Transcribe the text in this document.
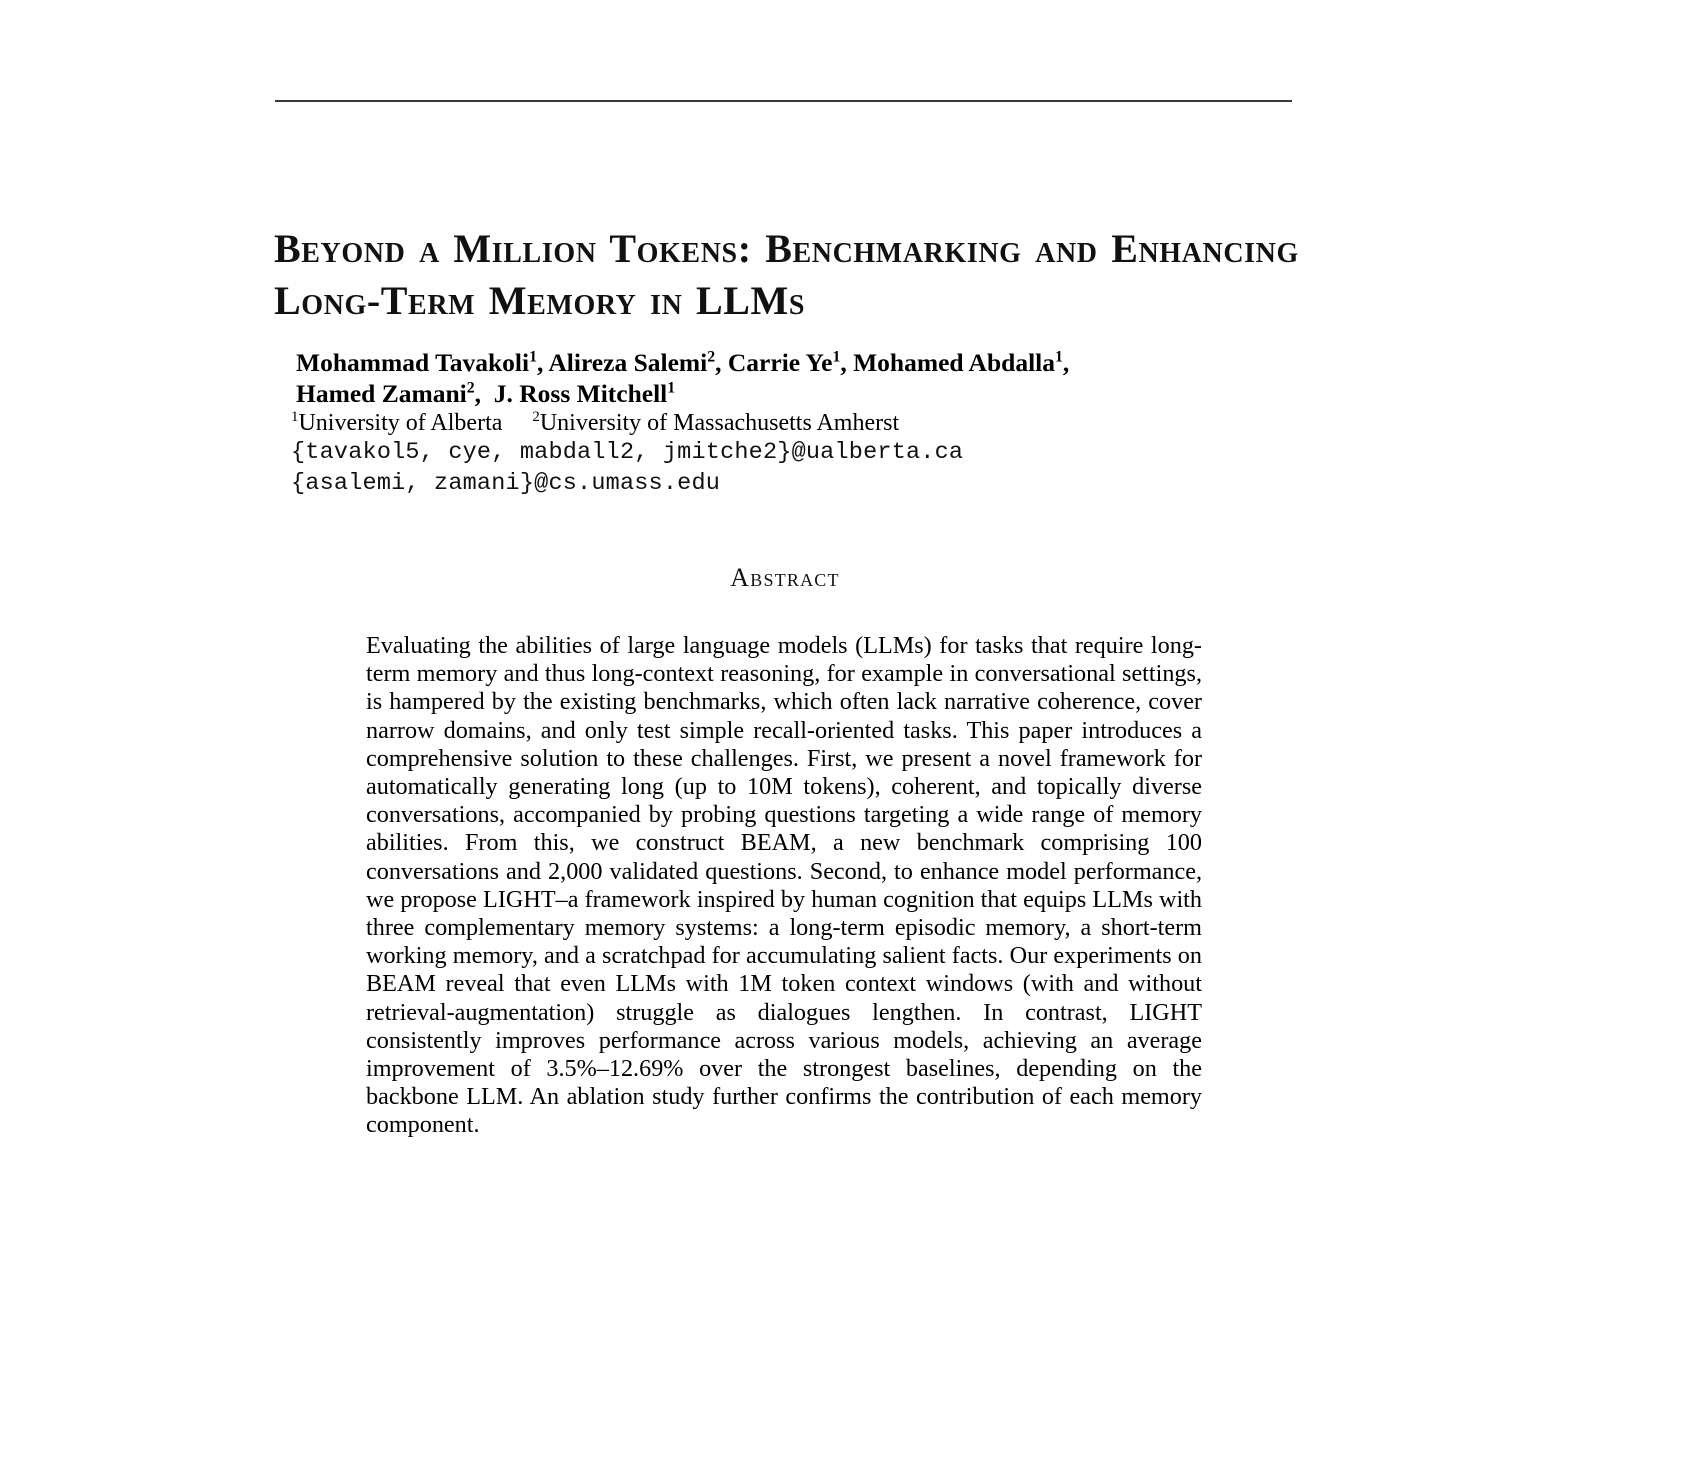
Beyond a Million Tokens: Benchmarking and Enhancing Long-Term Memory in LLMs
Mohammad Tavakoli$^1$, Alireza Salemi$^2$, Carrie Ye$^1$, Mohamed Abdalla$^1$,
Hamed Zamani$^2$,  J. Ross Mitchell$^1$
$^1$University of Alberta $^2$University of Massachusetts Amherst
{tavakol5, cye, mabdall2, jmitche2}@ualberta.ca
{asalemi, zamani}@cs.umass.edu
Abstract
Evaluating the abilities of large language models (LLMs) for tasks that require long-term memory and thus long-context reasoning, for example in conversational settings, is hampered by the existing benchmarks, which often lack narrative coherence, cover narrow domains, and only test simple recall-oriented tasks. This paper introduces a comprehensive solution to these challenges. First, we present a novel framework for automatically generating long (up to 10M tokens), coherent, and topically diverse conversations, accompanied by probing questions targeting a wide range of memory abilities. From this, we construct BEAM, a new benchmark comprising 100 conversations and 2,000 validated questions. Second, to enhance model performance, we propose LIGHT–a framework inspired by human cognition that equips LLMs with three complementary memory systems: a long-term episodic memory, a short-term working memory, and a scratchpad for accumulating salient facts. Our experiments on BEAM reveal that even LLMs with 1M token context windows (with and without retrieval-augmentation) struggle as dialogues lengthen. In contrast, LIGHT consistently improves performance across various models, achieving an average improvement of 3.5%–12.69% over the strongest baselines, depending on the backbone LLM. An ablation study further confirms the contribution of each memory component.
